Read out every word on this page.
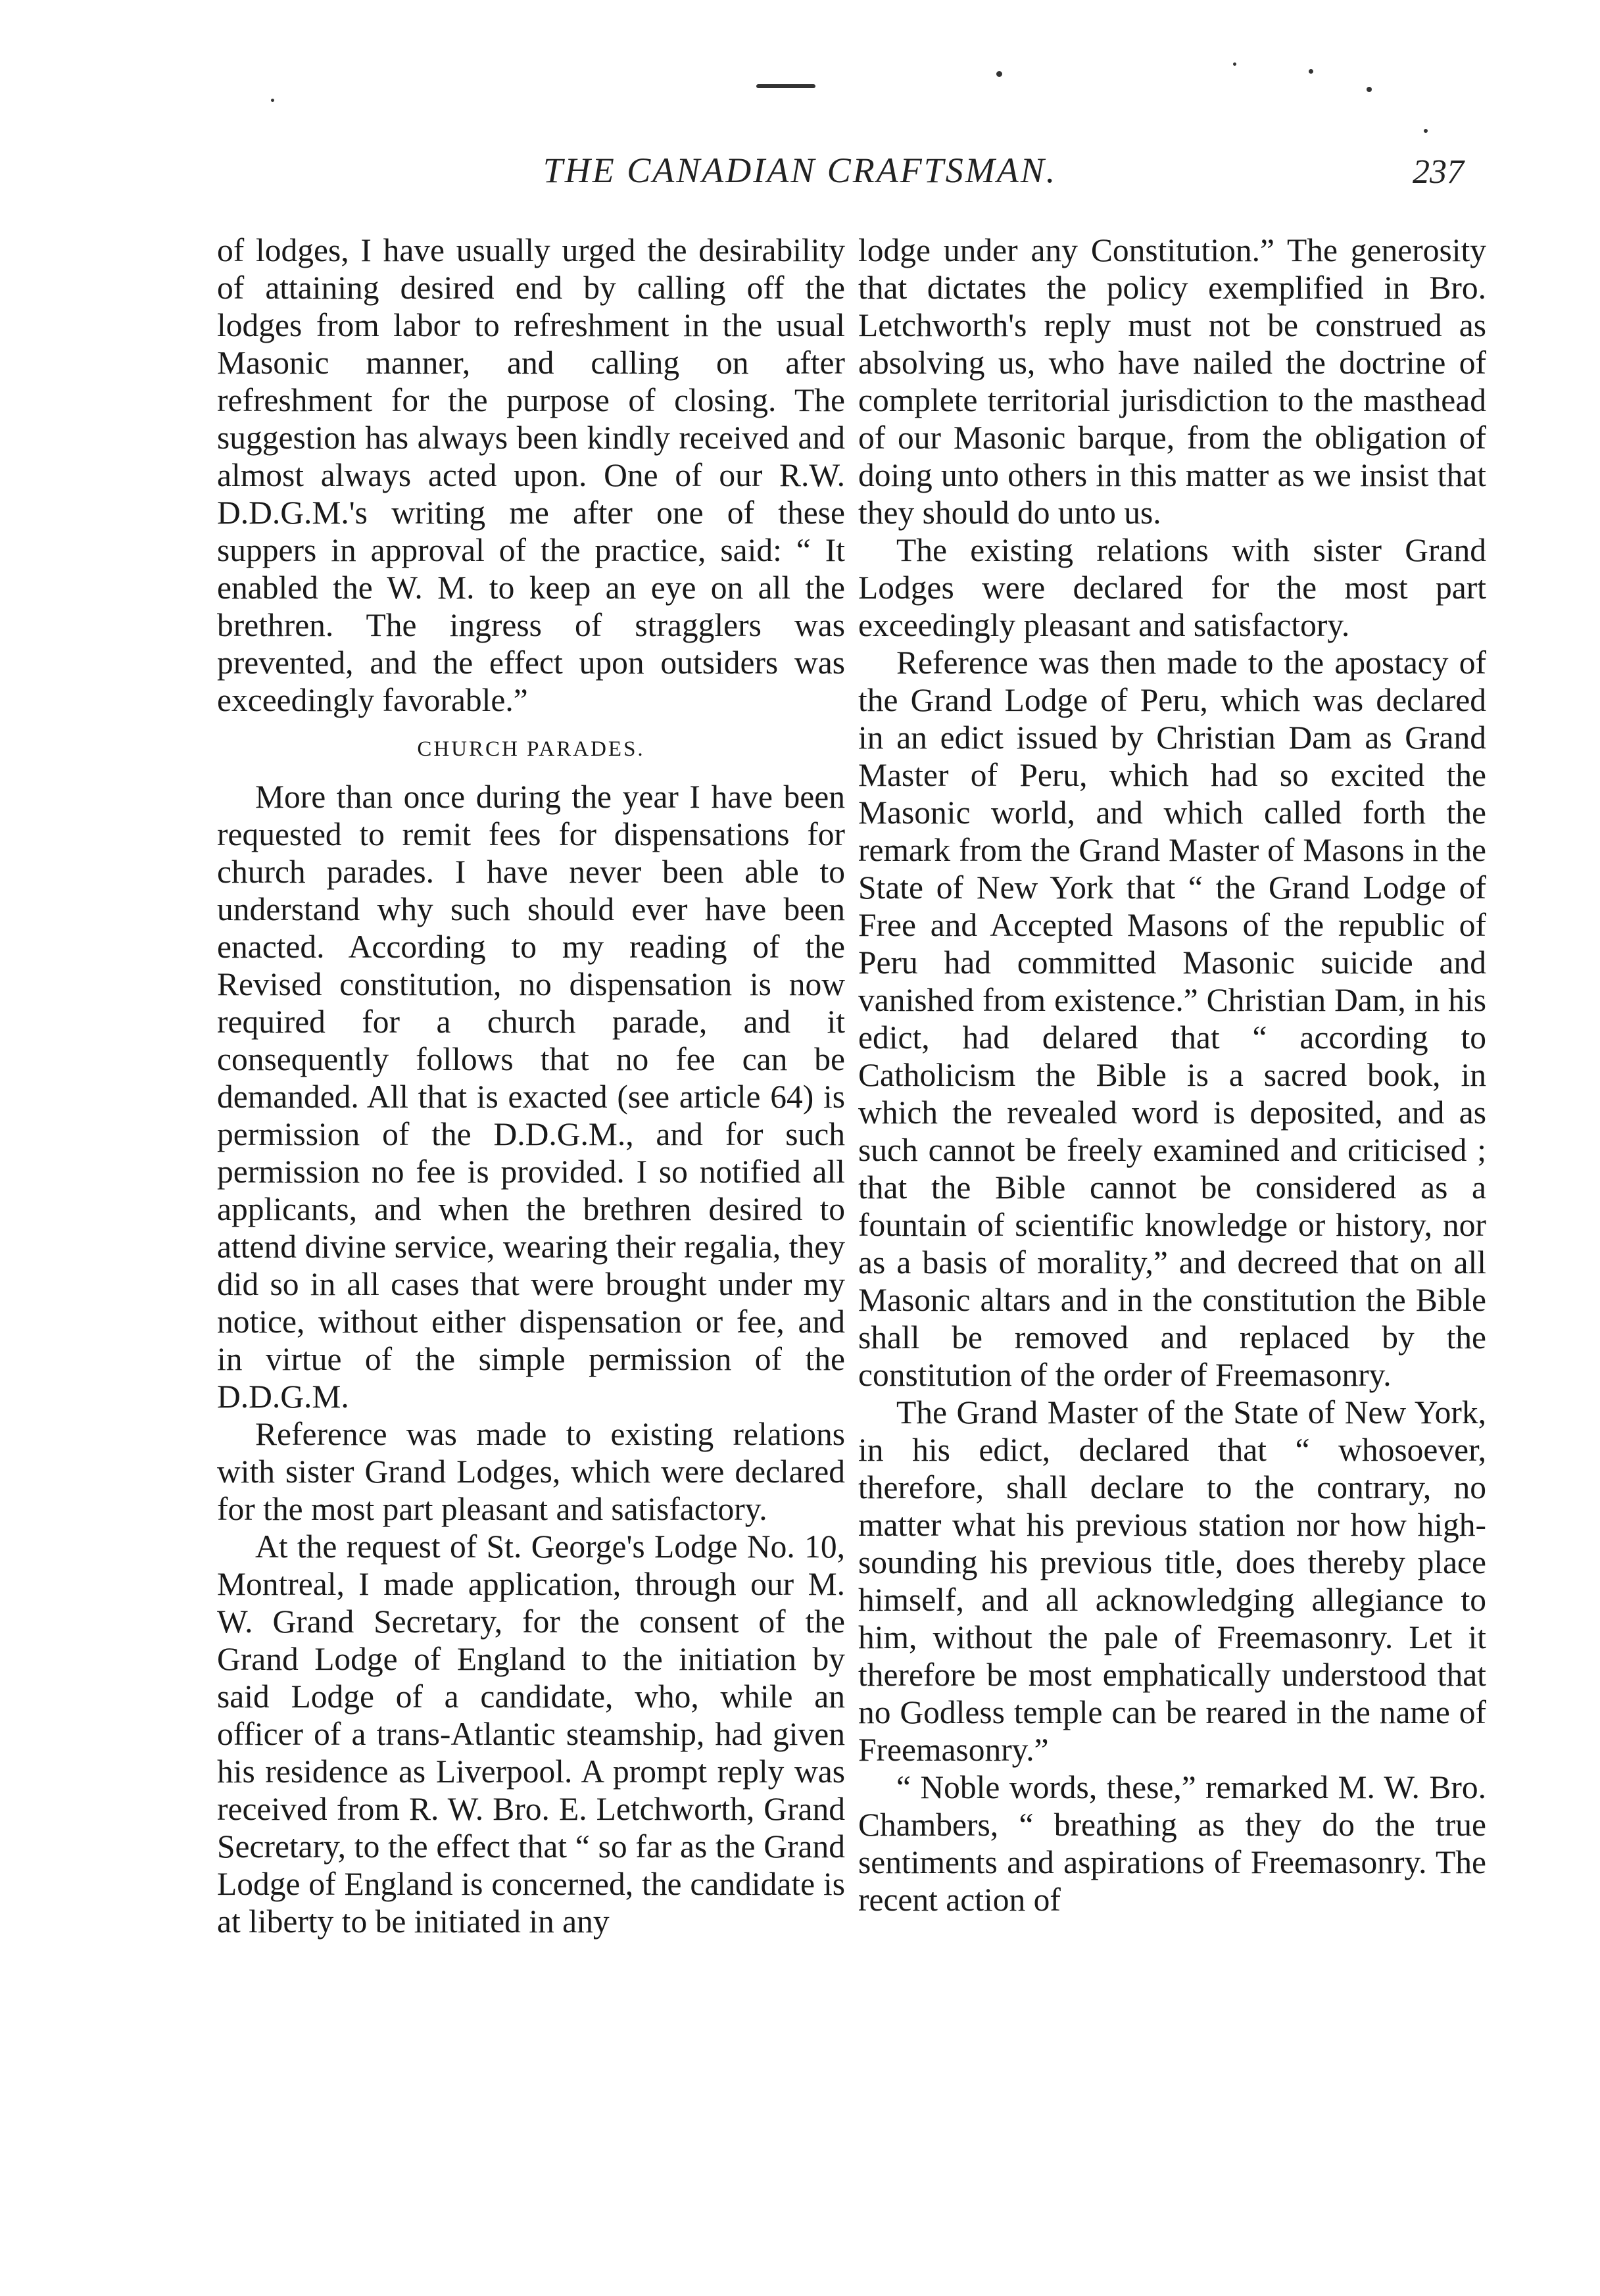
THE CANADIAN CRAFTSMAN.	237

of lodges, I have usually urged the desirability of attaining desired end by calling off the lodges from labor to refreshment in the usual Masonic manner, and calling on after refreshment for the purpose of closing. The suggestion has always been kindly received and almost always acted upon. One of our R.W. D.D.G.M.'s writing me after one of these suppers in approval of the practice, said: “ It enabled the W. M. to keep an eye on all the brethren. The ingress of stragglers was prevented, and the effect upon outsiders was exceedingly favorable.”

CHURCH PARADES.

More than once during the year I have been requested to remit fees for dispensations for church parades. I have never been able to understand why such should ever have been enacted. According to my reading of the Revised constitution, no dispensation is now required for a church parade, and it consequently follows that no fee can be demanded. All that is exacted (see article 64) is permission of the D.D.G.M., and for such permission no fee is provided. I so notified all applicants, and when the brethren desired to attend divine service, wearing their regalia, they did so in all cases that were brought under my notice, without either dispensation or fee, and in virtue of the simple permission of the D.D.G.M.

Reference was made to existing relations with sister Grand Lodges, which were declared for the most part pleasant and satisfactory.

At the request of St. George's Lodge No. 10, Montreal, I made application, through our M. W. Grand Secretary, for the consent of the Grand Lodge of England to the initiation by said Lodge of a candidate, who, while an officer of a trans-Atlantic steamship, had given his residence as Liverpool. A prompt reply was received from R. W. Bro. E. Letchworth, Grand Secretary, to the effect that “ so far as the Grand Lodge of England is concerned, the candidate is at liberty to be initiated in any

lodge under any Constitution.” The generosity that dictates the policy exemplified in Bro. Letchworth's reply must not be construed as absolving us, who have nailed the doctrine of complete territorial jurisdiction to the masthead of our Masonic barque, from the obligation of doing unto others in this matter as we insist that they should do unto us.

The existing relations with sister Grand Lodges were declared for the most part exceedingly pleasant and satisfactory.

Reference was then made to the apostacy of the Grand Lodge of Peru, which was declared in an edict issued by Christian Dam as Grand Master of Peru, which had so excited the Masonic world, and which called forth the remark from the Grand Master of Masons in the State of New York that “ the Grand Lodge of Free and Accepted Masons of the republic of Peru had committed Masonic suicide and vanished from existence.” Christian Dam, in his edict, had delared that “ according to Catholicism the Bible is a sacred book, in which the revealed word is deposited, and as such cannot be freely examined and criticised ; that the Bible cannot be considered as a fountain of scientific knowledge or history, nor as a basis of morality,” and decreed that on all Masonic altars and in the constitution the Bible shall be removed and replaced by the constitution of the order of Freemasonry.

The Grand Master of the State of New York, in his edict, declared that “ whosoever, therefore, shall declare to the contrary, no matter what his previous station nor how high-sounding his previous title, does thereby place himself, and all acknowledging allegiance to him, without the pale of Freemasonry. Let it therefore be most emphatically understood that no Godless temple can be reared in the name of Freemasonry.”

“ Noble words, these,” remarked M. W. Bro. Chambers, “ breathing as they do the true sentiments and aspirations of Freemasonry. The recent action of
